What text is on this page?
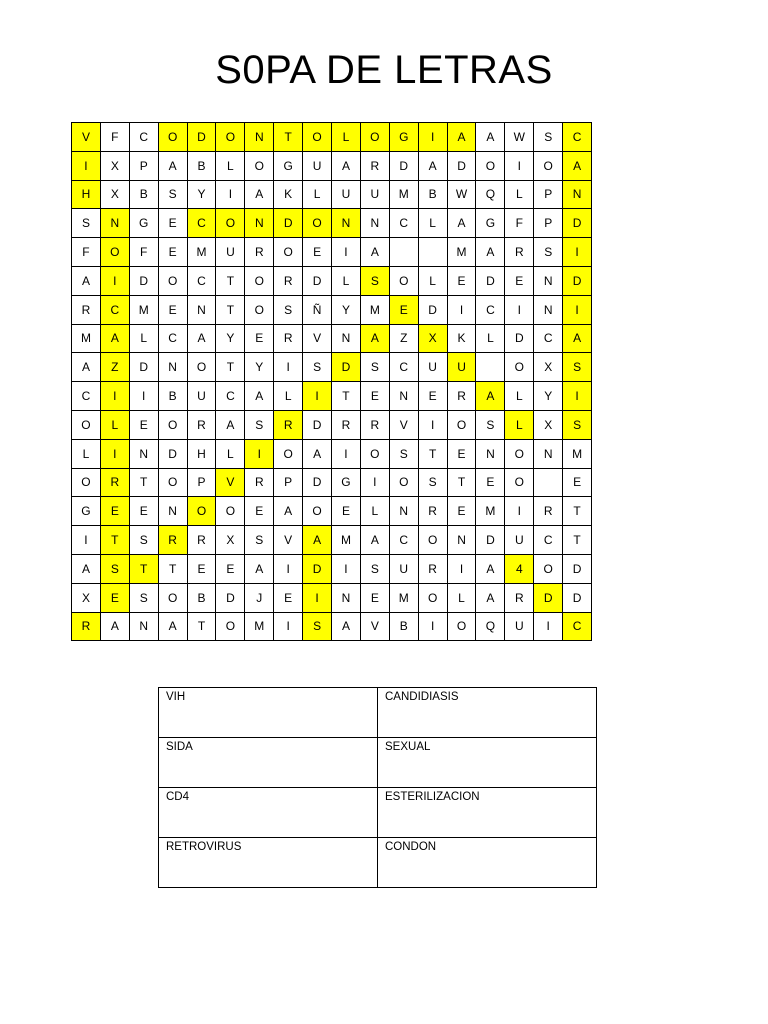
S0PA DE LETRAS
V	F	C	O	D	O	N	T	O	L	O	G	I	A	A	W	S	C
I	X	P	A	B	L	O	G	U	A	R	D	A	D	O	I	O	A
H	X	B	S	Y	I	A	K	L	U	U	M	B	W	Q	L	P	N
S	N	G	E	C	O	N	D	O	N	N	C	L	A	G	F	P	D
F	O	F	E	M	U	R	O	E	I	A			M	A	R	S	I
A	I	D	O	C	T	O	R	D	L	S	O	L	E	D	E	N	D
R	C	M	E	N	T	O	S	Ñ	Y	M	E	D	I	C	I	N	I
M	A	L	C	A	Y	E	R	V	N	A	Z	X	K	L	D	C	A
A	Z	D	N	O	T	Y	I	S	D	S	C	U	U		O	X	S
C	I	I	B	U	C	A	L	I	T	E	N	E	R	A	L	Y	I
O	L	E	O	R	A	S	R	D	R	R	V	I	O	S	L	X	S
L	I	N	D	H	L	I	O	A	I	O	S	T	E	N	O	N	M
O	R	T	O	P	V	R	P	D	G	I	O	S	T	E	O		E
G	E	E	N	O	O	E	A	O	E	L	N	R	E	M	I	R	T
I	T	S	R	R	X	S	V	A	M	A	C	O	N	D	U	C	T
A	S	T	T	E	E	A	I	D	I	S	U	R	I	A	4	O	D
X	E	S	O	B	D	J	E	I	N	E	M	O	L	A	R	D	D
R	A	N	A	T	O	M	I	S	A	V	B	I	O	Q	U	I	C
VIH	CANDIDIASIS
SIDA	SEXUAL
CD4	ESTERILIZACION
RETROVIRUS	CONDON
